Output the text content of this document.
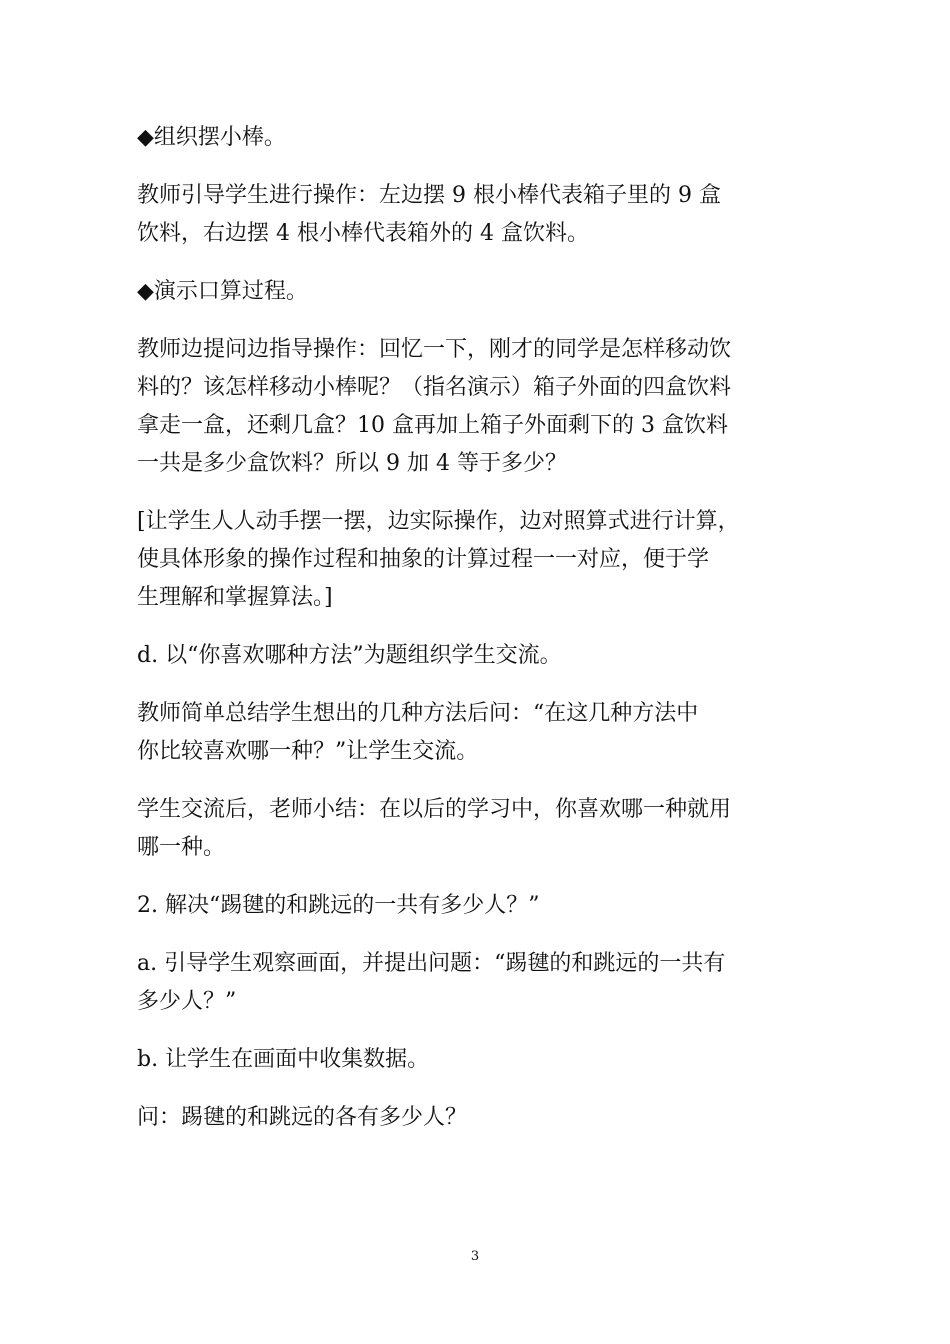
◆组织摆小棒。

教师引导学生进行操作：左边摆 9 根小棒代表箱子里的 9 盒
饮料，右边摆 4 根小棒代表箱外的 4 盒饮料。

◆演示口算过程。

教师边提问边指导操作：回忆一下，刚才的同学是怎样移动饮
料的？该怎样移动小棒呢？（指名演示）箱子外面的四盒饮料
拿走一盒，还剩几盒？10 盒再加上箱子外面剩下的 3 盒饮料
一共是多少盒饮料？所以 9 加 4 等于多少？

[让学生人人动手摆一摆，边实际操作，边对照算式进行计算，
使具体形象的操作过程和抽象的计算过程一一对应，便于学
生理解和掌握算法。]

d. 以“你喜欢哪种方法”为题组织学生交流。

教师简单总结学生想出的几种方法后问：“在这几种方法中
你比较喜欢哪一种？”让学生交流。

学生交流后，老师小结：在以后的学习中，你喜欢哪一种就用
哪一种。

2. 解决“踢毽的和跳远的一共有多少人？”

a. 引导学生观察画面，并提出问题：“踢毽的和跳远的一共有
多少人？”

b. 让学生在画面中收集数据。

问：踢毽的和跳远的各有多少人？

3
